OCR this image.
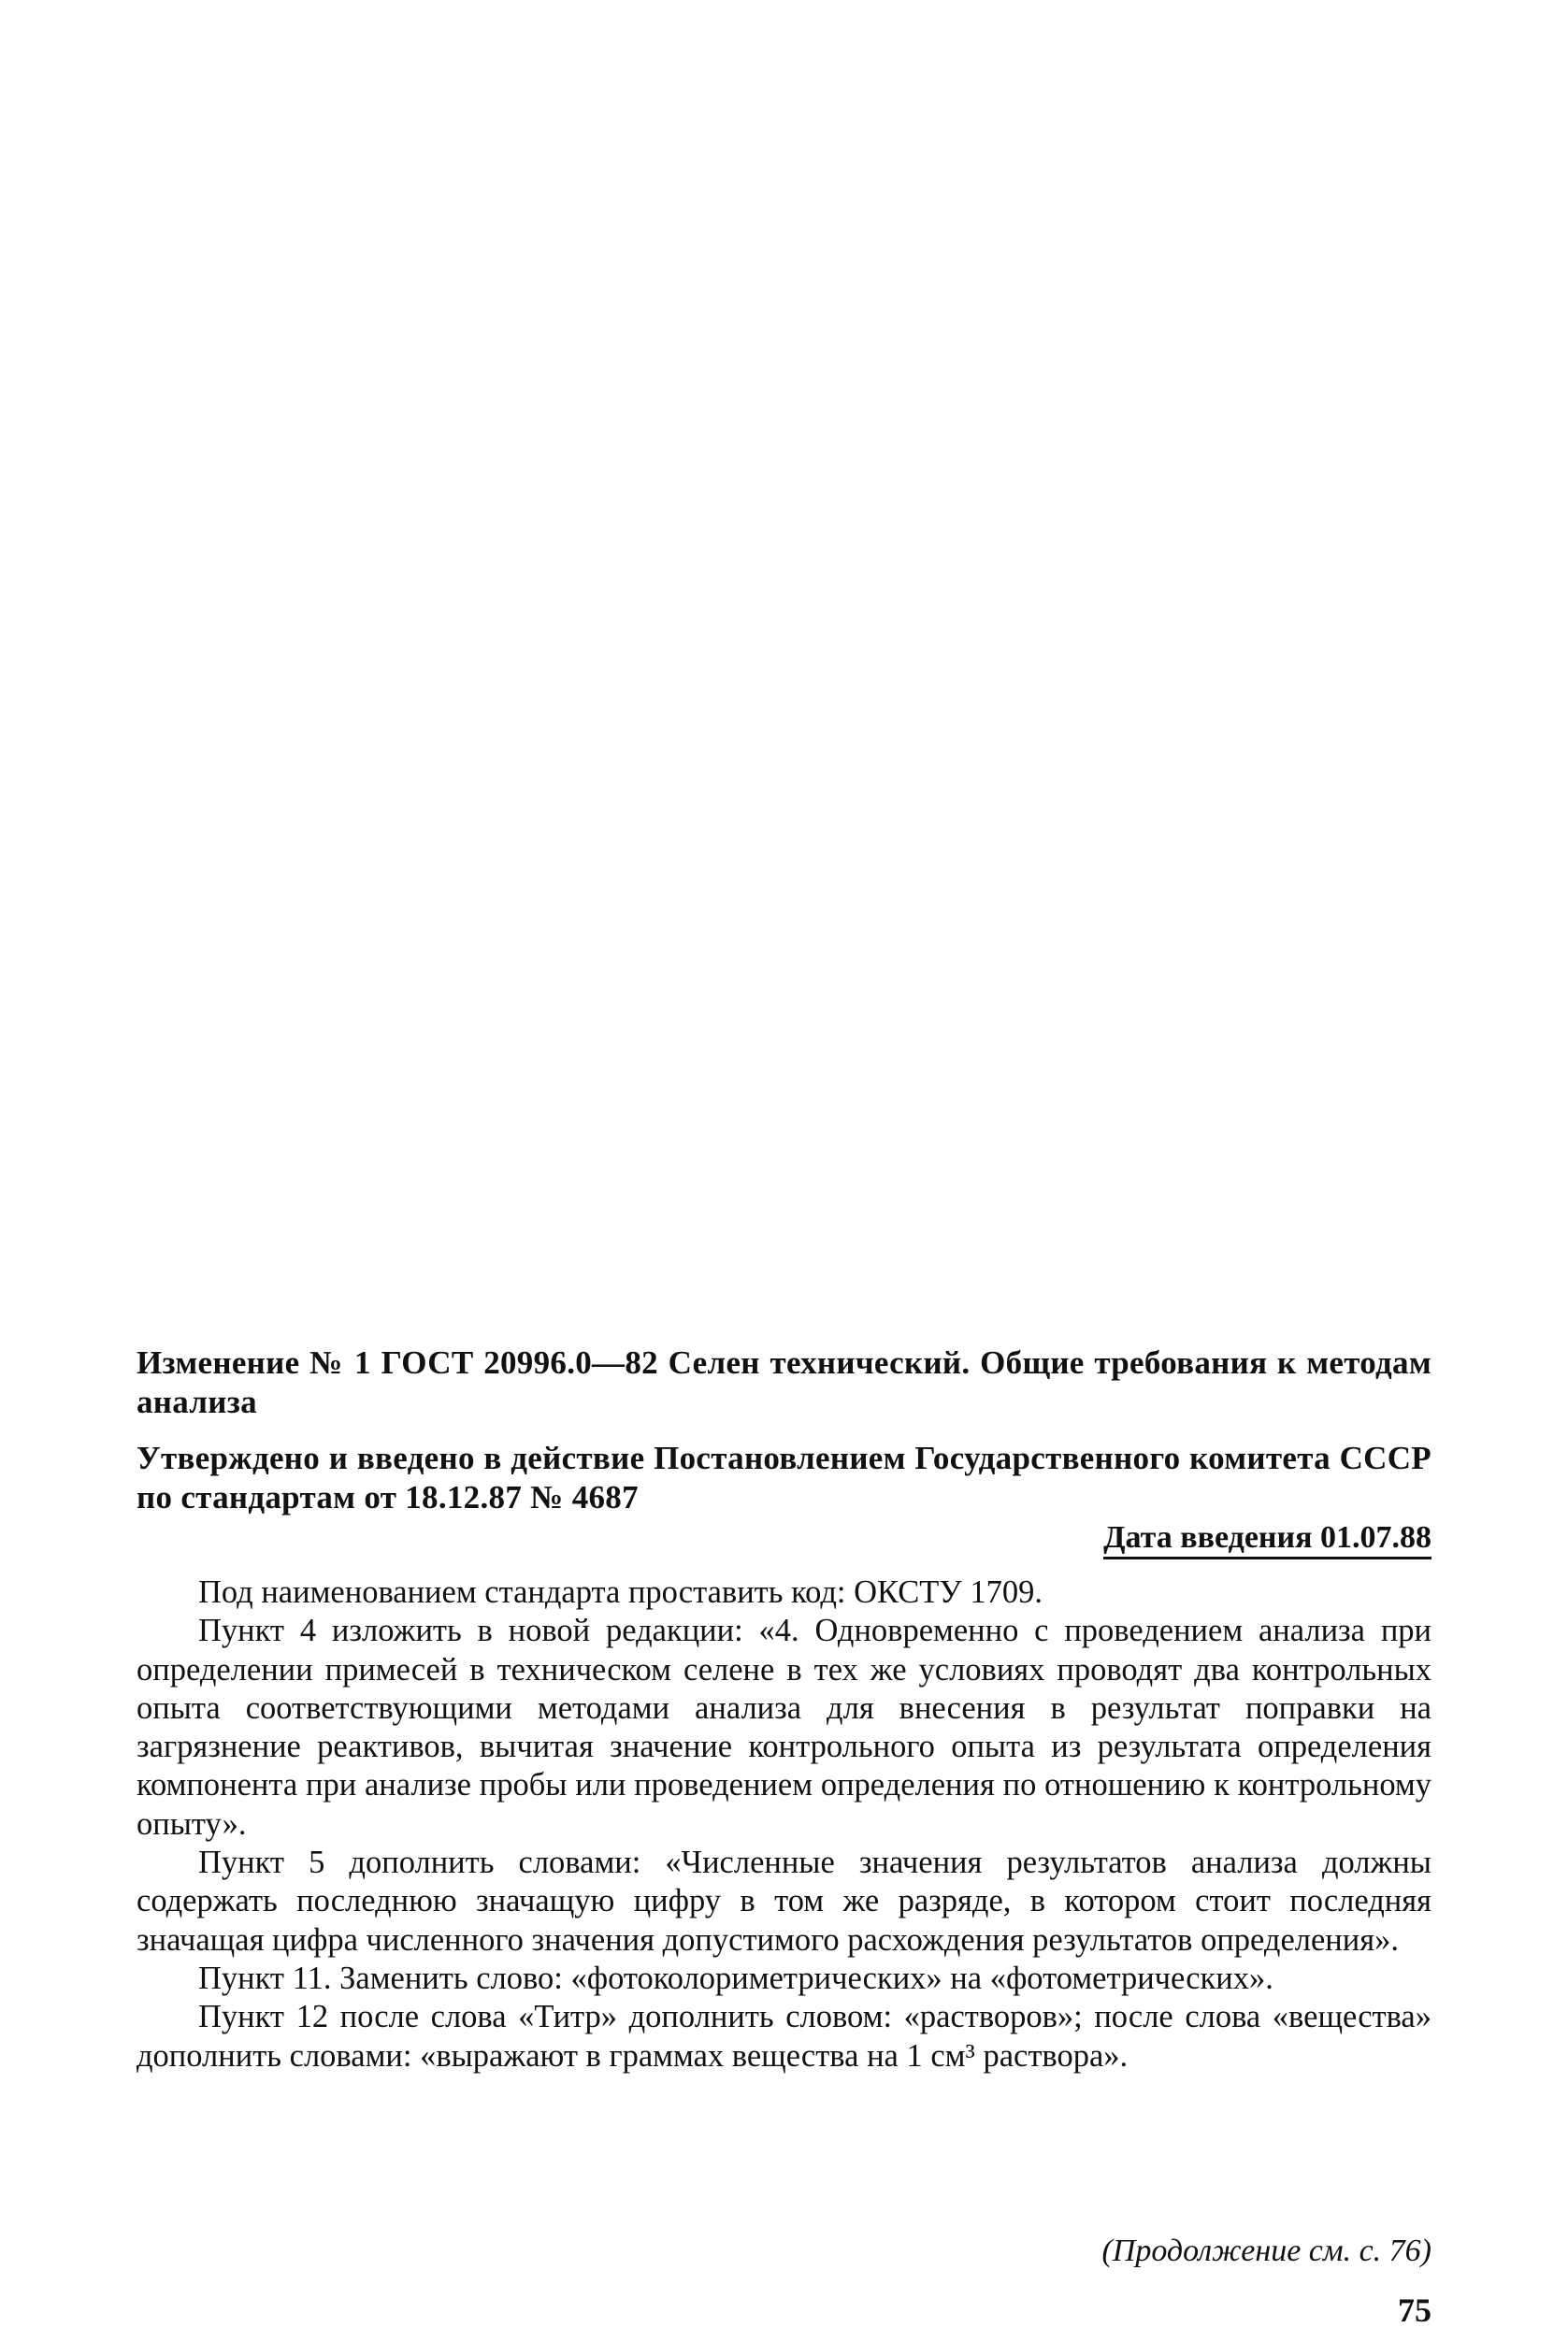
Изменение № 1 ГОСТ 20996.0—82 Селен технический. Общие требования к методам анализа

Утверждено и введено в действие Постановлением Государственного комитета СССР по стандартам от 18.12.87 № 4687

Дата введения 01.07.88

Под наименованием стандарта проставить код: ОКСТУ 1709.

Пункт 4 изложить в новой редакции: «4. Одновременно с проведением анализа при определении примесей в техническом селене в тех же условиях проводят два контрольных опыта соответствующими методами анализа для внесения в результат поправки на загрязнение реактивов, вычитая значение контрольного опыта из результата определения компонента при анализе пробы или проведением определения по отношению к контрольному опыту».

Пункт 5 дополнить словами: «Численные значения результатов анализа должны содержать последнюю значащую цифру в том же разряде, в котором стоит последняя значащая цифра численного значения допустимого расхождения результатов определения».

Пункт 11. Заменить слово: «фотоколориметрических» на «фотометрических».

Пункт 12 после слова «Титр» дополнить словом: «растворов»; после слова «вещества» дополнить словами: «выражают в граммах вещества на 1 см³ раствора».

(Продолжение см. с. 76)
75
